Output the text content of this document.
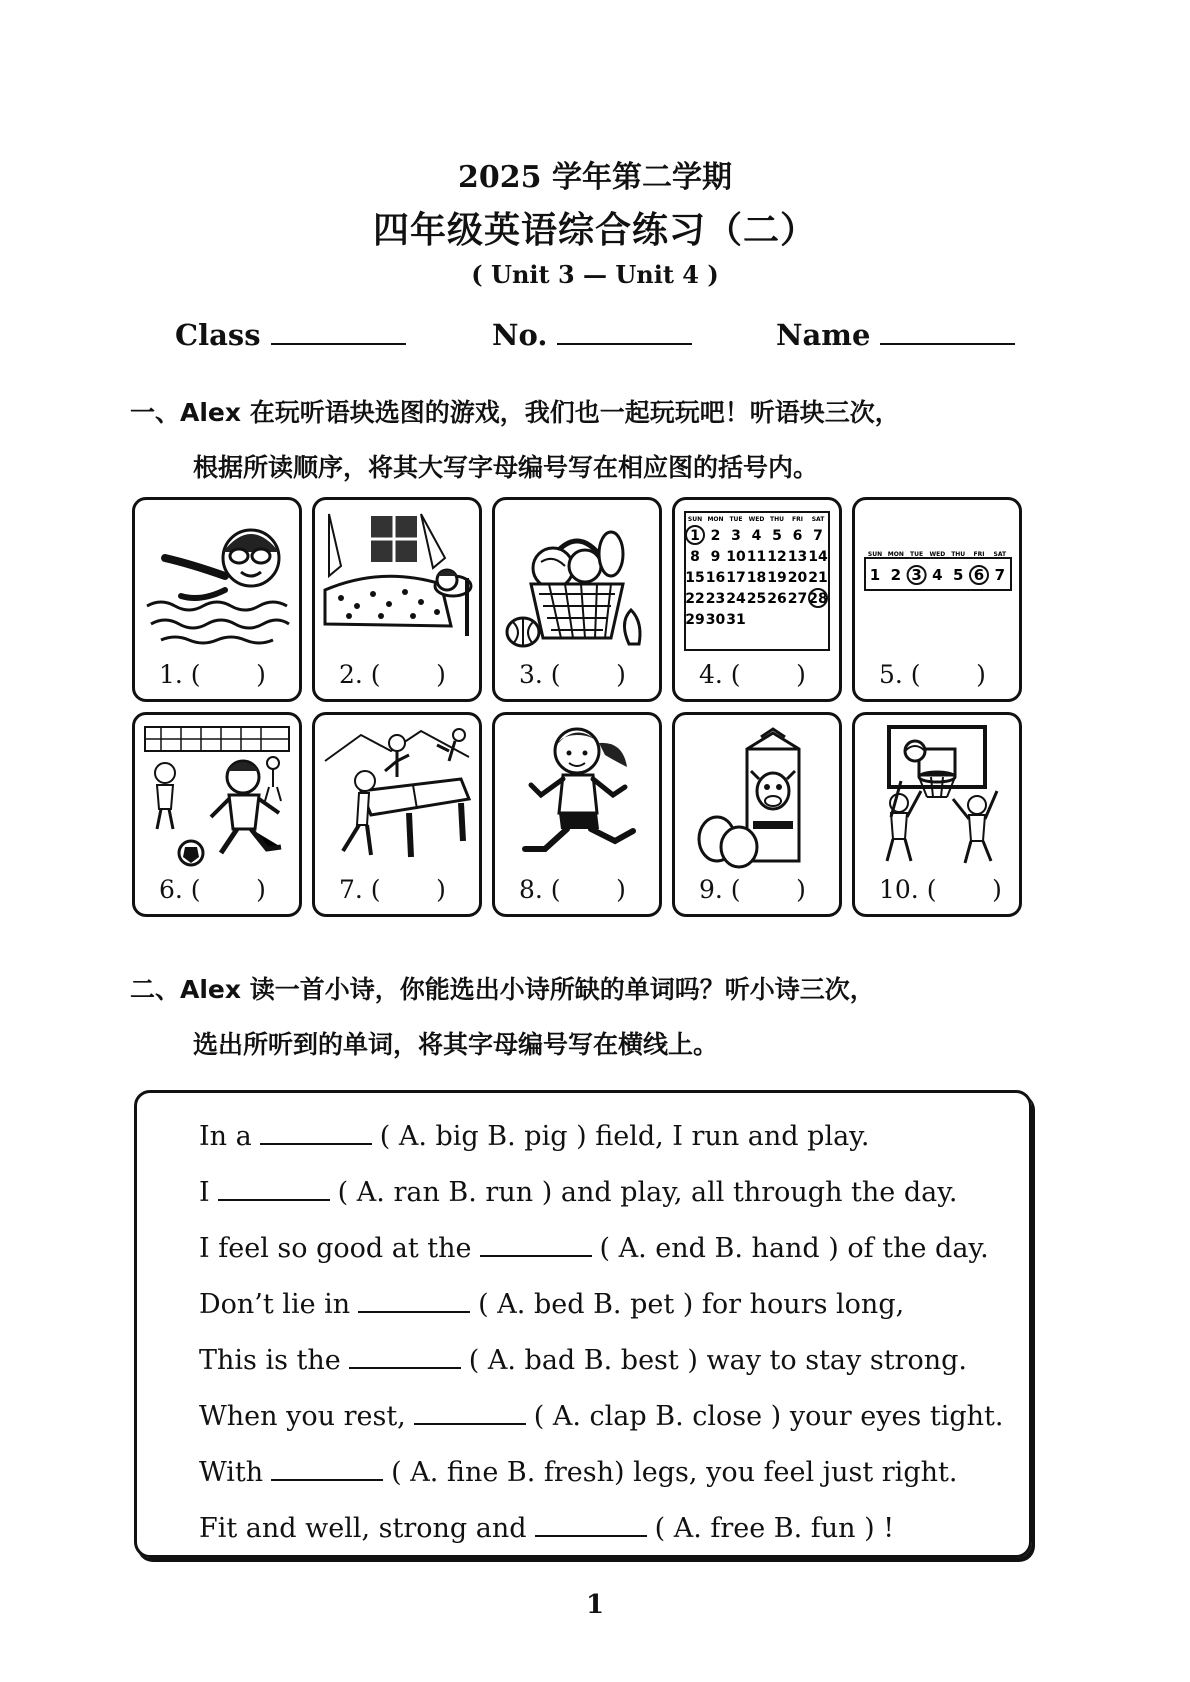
2025 学年第二学期
四年级英语综合练习（二）
( Unit 3 — Unit 4 )
Class	No.	Name
一、Alex 在玩听语块选图的游戏，我们也一起玩玩吧！听语块三次，
根据所读顺序，将其大写字母编号写在相应图的括号内。
1. (       )	2. (       )	3. (       )
SUN MON TUE WED THU FRI SAT
1 2 3 4 5 6 7
8 9 10 11 12 13 14
15 16 17 18 19 20 21
22 23 24 25 26 27 28
29 30 31
4. (       )
SUN MON TUE WED THU FRI SAT
1 2 3 4 5 6 7
5. (       )
6. (       )	7. (       )	8. (       )	9. (       )	10. (       )
二、Alex 读一首小诗，你能选出小诗所缺的单词吗？听小诗三次，
选出所听到的单词，将其字母编号写在横线上。
In a	( A. big B. pig ) field, I run and play.
I	( A. ran B. run ) and play, all through the day.
I feel so good at the	( A. end B. hand ) of the day.
Don’t lie in	( A. bed B. pet ) for hours long,
This is the	( A. bad B. best ) way to stay strong.
When you rest,	( A. clap B. close ) your eyes tight.
With	( A. fine B. fresh) legs, you feel just right.
Fit and well, strong and	( A. free B. fun ) !
1
